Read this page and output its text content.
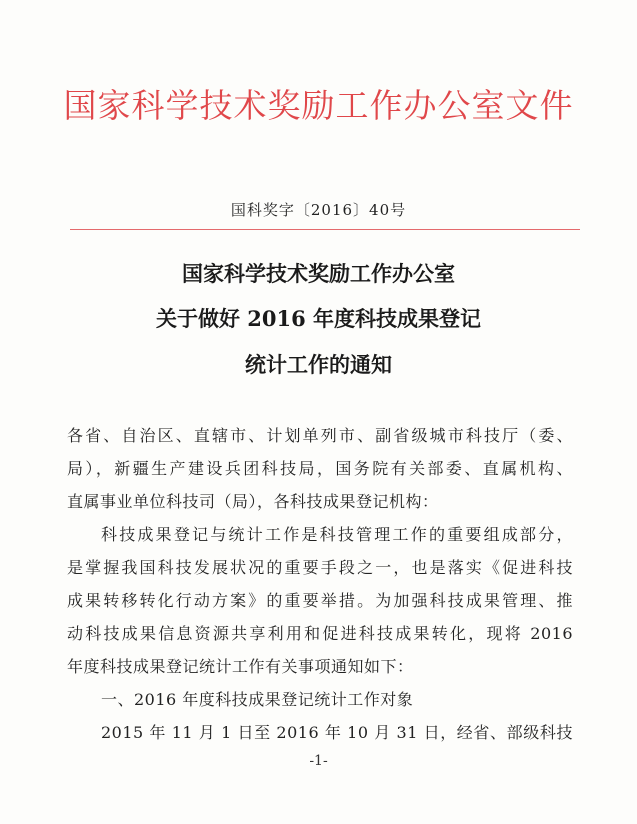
国家科学技术奖励工作办公室文件
国科奖字〔2016〕40号
国家科学技术奖励工作办公室
关于做好 2016 年度科技成果登记
统计工作的通知
各省、自治区、直辖市、计划单列市、副省级城市科技厅（委、
局），新疆生产建设兵团科技局，国务院有关部委、直属机构、
直属事业单位科技司（局），各科技成果登记机构：
科技成果登记与统计工作是科技管理工作的重要组成部分，
是掌握我国科技发展状况的重要手段之一，也是落实《促进科技
成果转移转化行动方案》的重要举措。为加强科技成果管理、推
动科技成果信息资源共享利用和促进科技成果转化，现将 2016
年度科技成果登记统计工作有关事项通知如下：
一、2016 年度科技成果登记统计工作对象
2015 年 11 月 1 日至 2016 年 10 月 31 日，经省、部级科技
-1-
